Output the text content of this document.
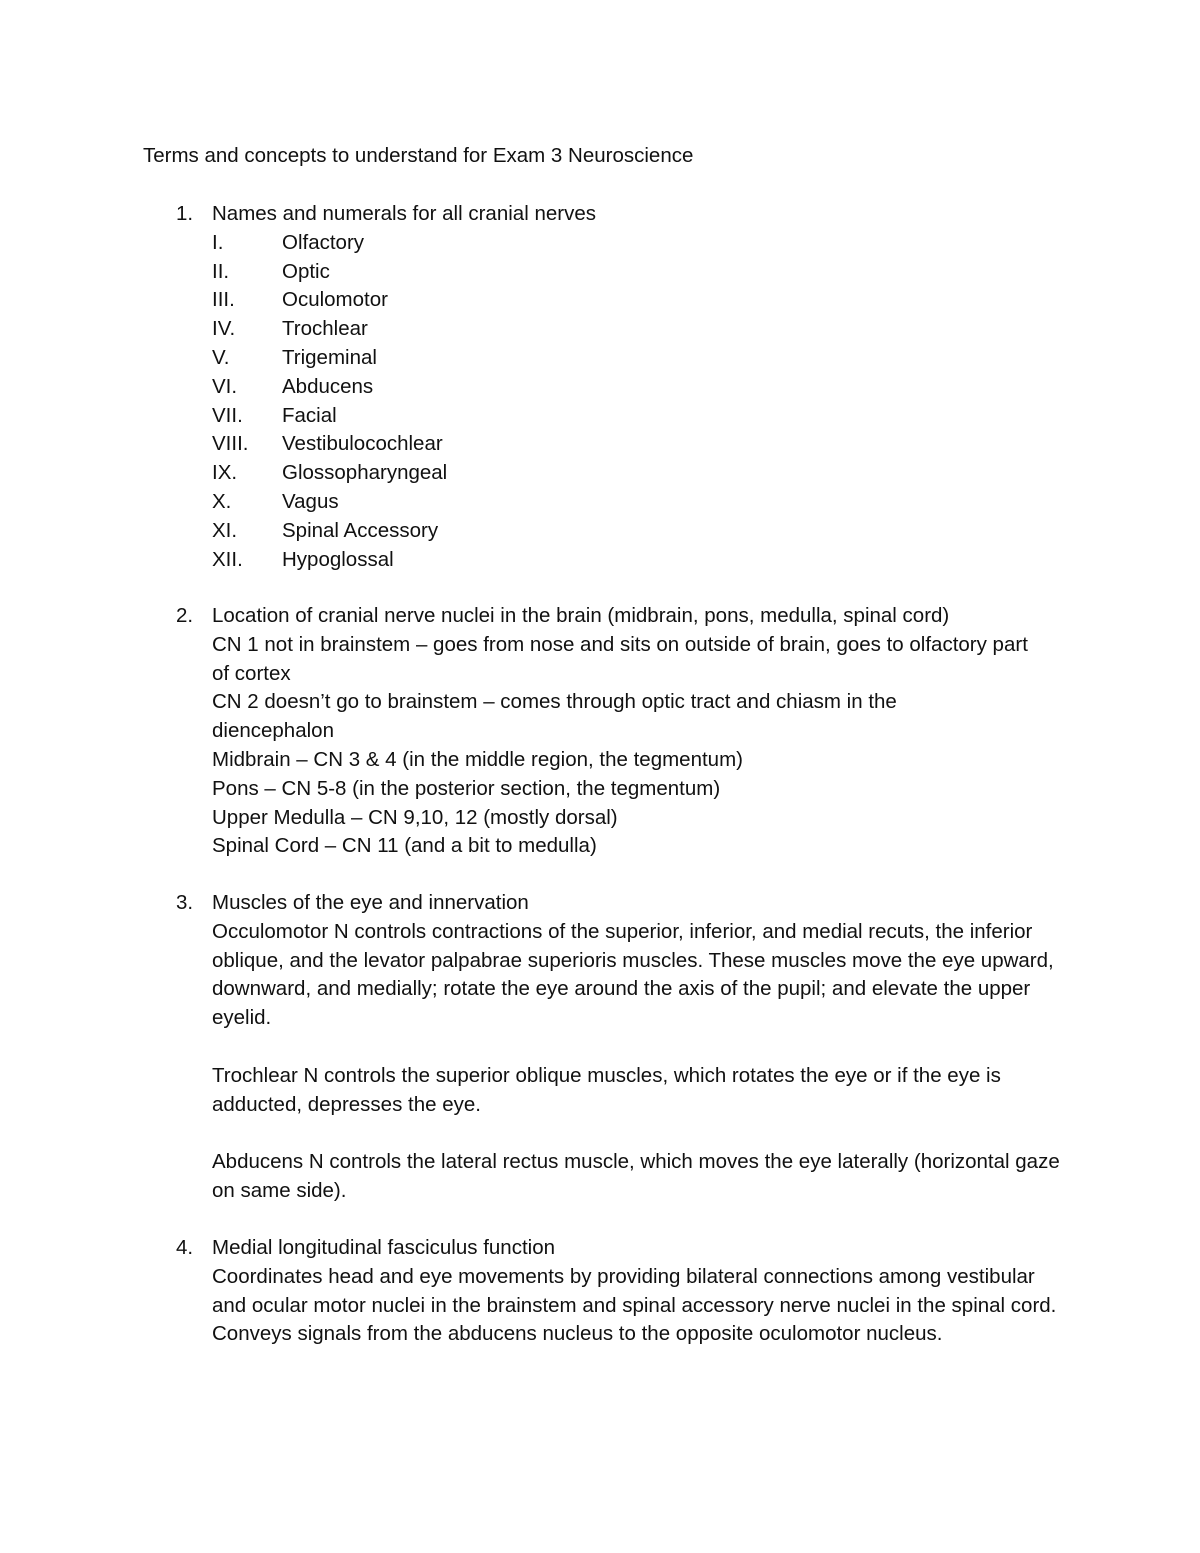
Terms and concepts to understand for Exam 3 Neuroscience
1. Names and numerals for all cranial nerves
I.	Olfactory
II.	Optic
III. Oculomotor
IV. Trochlear
V.	Trigeminal
VI. Abducens
VII. Facial
VIII. Vestibulocochlear
IX. Glossopharyngeal
X. Vagus
XI. Spinal Accessory
XII. Hypoglossal
2. Location of cranial nerve nuclei in the brain (midbrain, pons, medulla, spinal cord)
CN 1 not in brainstem – goes from nose and sits on outside of brain, goes to olfactory part of cortex
CN 2 doesn’t go to brainstem – comes through optic tract and chiasm in the diencephalon
Midbrain – CN 3 & 4 (in the middle region, the tegmentum)
Pons – CN 5-8 (in the posterior section, the tegmentum)
Upper Medulla – CN 9,10, 12 (mostly dorsal)
Spinal Cord – CN 11 (and a bit to medulla)
3. Muscles of the eye and innervation
Occulomotor N controls contractions of the superior, inferior, and medial recuts, the inferior oblique, and the levator palpabrae superioris muscles. These muscles move the eye upward, downward, and medially; rotate the eye around the axis of the pupil; and elevate the upper eyelid.
Trochlear N controls the superior oblique muscles, which rotates the eye or if the eye is adducted, depresses the eye.
Abducens N controls the lateral rectus muscle, which moves the eye laterally (horizontal gaze on same side).
4. Medial longitudinal fasciculus function
Coordinates head and eye movements by providing bilateral connections among vestibular and ocular motor nuclei in the brainstem and spinal accessory nerve nuclei in the spinal cord.
Conveys signals from the abducens nucleus to the opposite oculomotor nucleus.
